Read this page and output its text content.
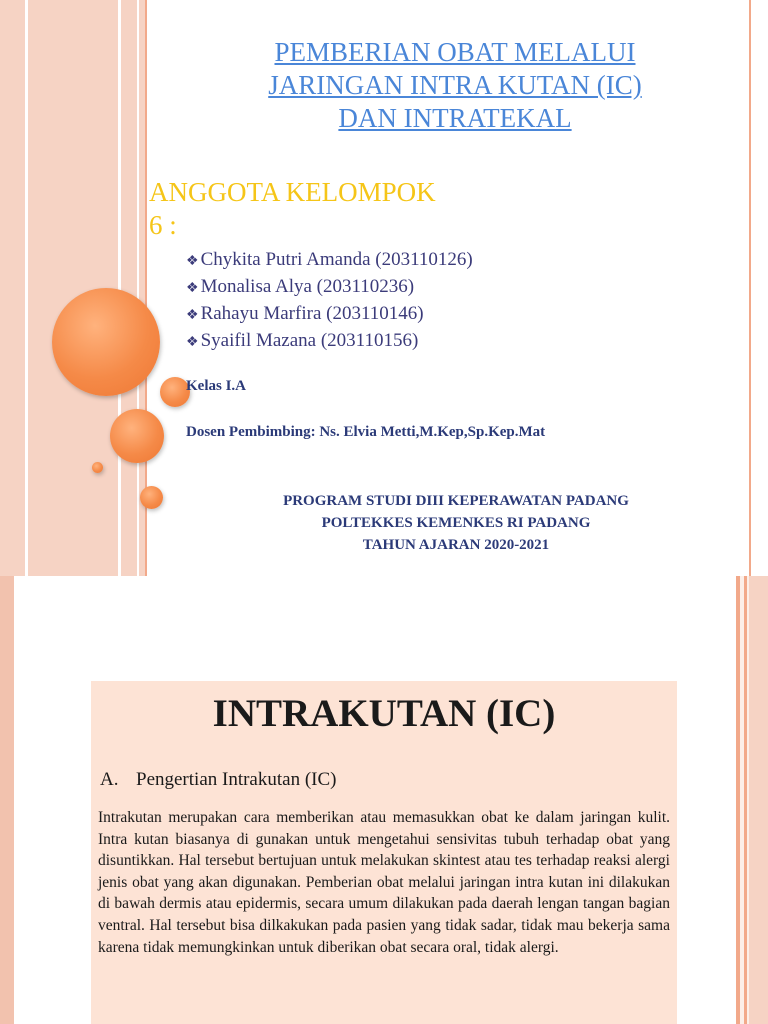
PEMBERIAN OBAT MELALUI
JARINGAN INTRA KUTAN (IC)
DAN INTRATEKAL
ANGGOTA KELOMPOK
6 :
❖ Chykita Putri Amanda (203110126)
❖ Monalisa Alya (203110236)
❖ Rahayu Marfira (203110146)
❖ Syaifil Mazana (203110156)
Kelas I.A
Dosen Pembimbing: Ns. Elvia Metti,M.Kep,Sp.Kep.Mat
PROGRAM STUDI DIII KEPERAWATAN PADANG
POLTEKKES KEMENKES RI PADANG
TAHUN AJARAN 2020-2021
INTRAKUTAN (IC)
A. Pengertian Intrakutan (IC)

Intrakutan merupakan cara memberikan atau memasukkan obat ke dalam jaringan kulit. Intra kutan biasanya di gunakan untuk mengetahui sensivitas tubuh terhadap obat yang disuntikkan. Hal tersebut bertujuan untuk melakukan skintest atau tes terhadap reaksi alergi jenis obat yang akan digunakan. Pemberian obat melalui jaringan intra kutan ini dilakukan di bawah dermis atau epidermis, secara umum dilakukan pada daerah lengan tangan bagian ventral. Hal tersebut bisa dilkakukan pada pasien yang tidak sadar, tidak mau bekerja sama karena tidak memungkinkan untuk diberikan obat secara oral, tidak alergi.
